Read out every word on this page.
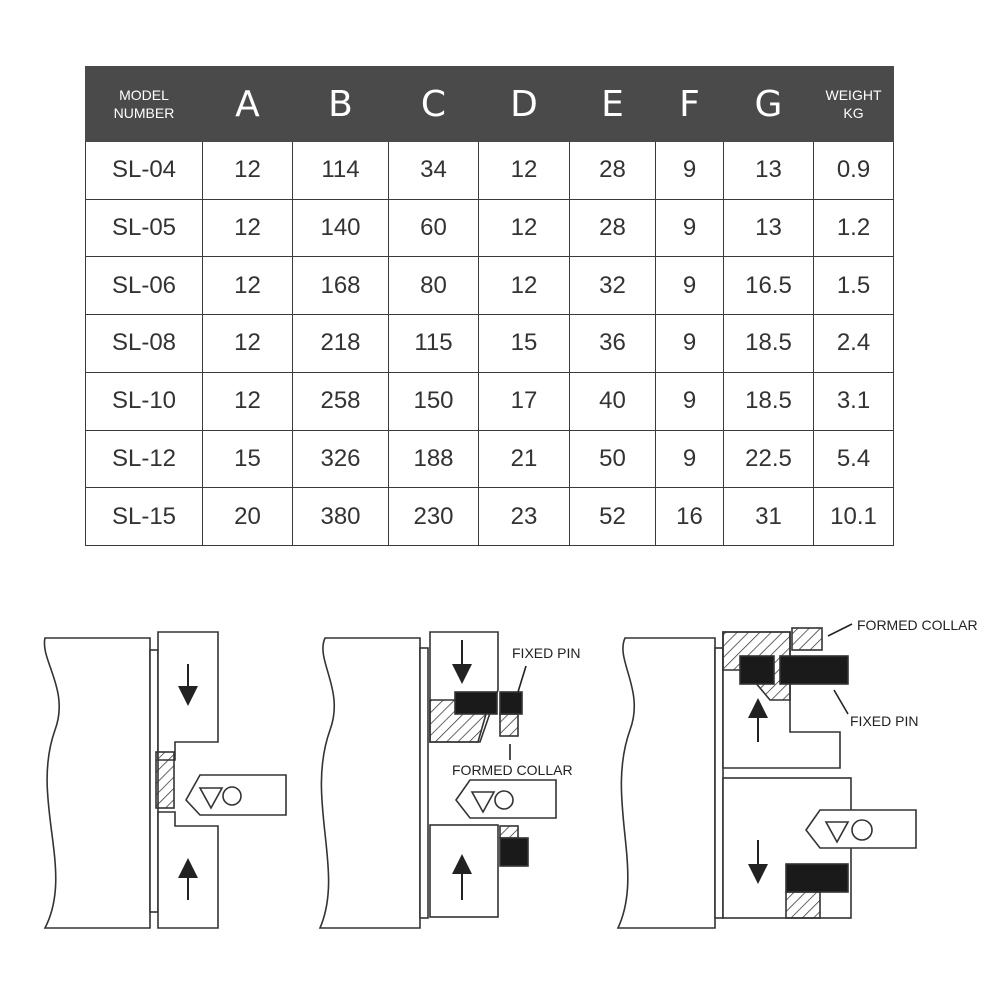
MODEL
NUMBER	A	B	C	D	E	F	G	WEIGHT
KG

SL-04	12	114	34	12	28	9	13	0.9
SL-05	12	140	60	12	28	9	13	1.2
SL-06	12	168	80	12	32	9	16.5	1.5
SL-08	12	218	115	15	36	9	18.5	2.4
SL-10	12	258	150	17	40	9	18.5	3.1
SL-12	15	326	188	21	50	9	22.5	5.4
SL-15	20	380	230	23	52	16	31	10.1
FIXED PIN
FORMED COLLAR
FORMED COLLAR
FIXED PIN
